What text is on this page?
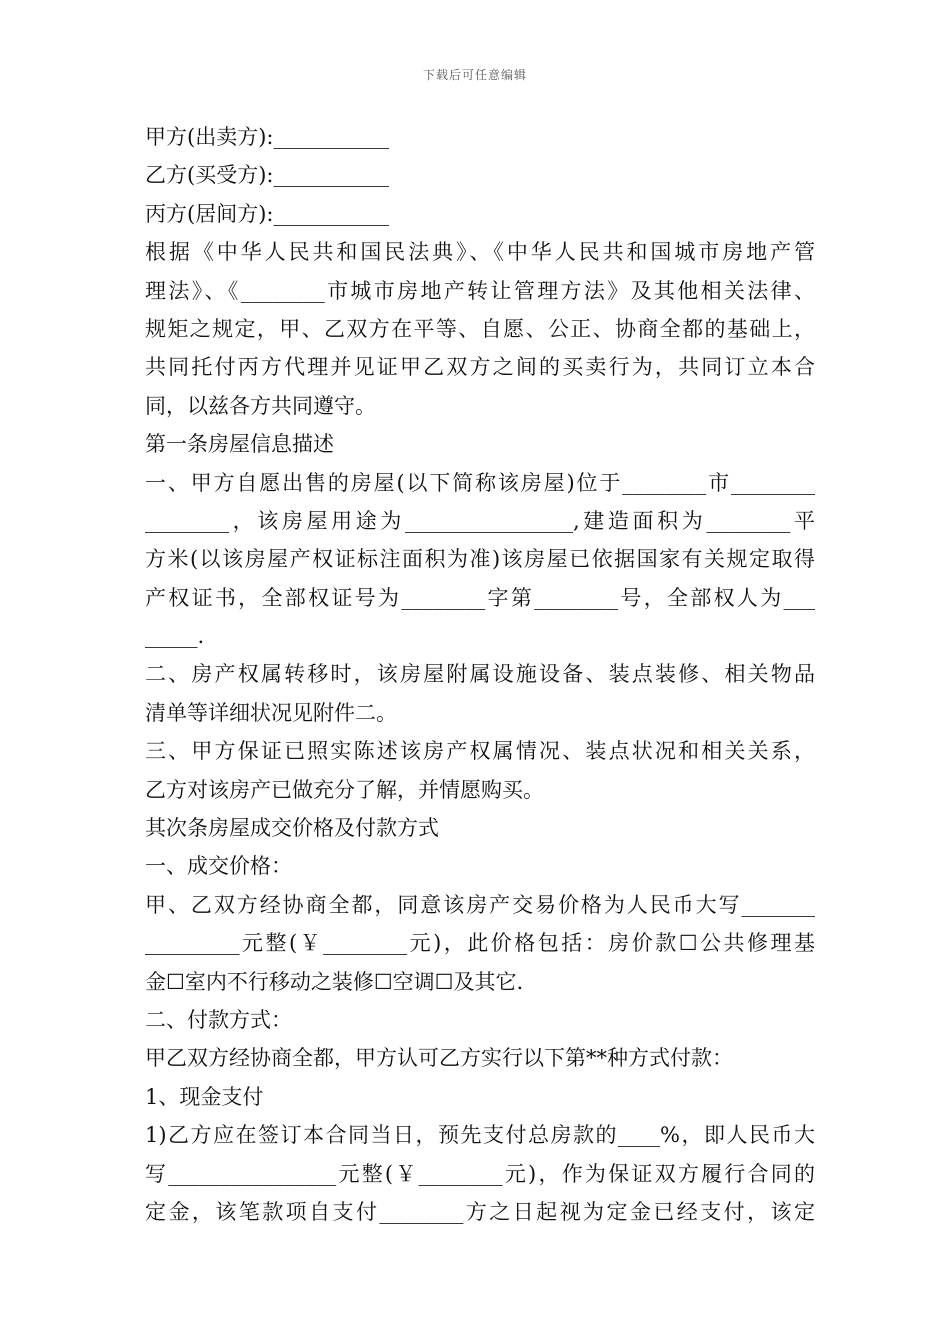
下载后可任意编辑
甲方(出卖方):___________
乙方(买受方):___________
丙方(居间方):___________
根据《中华人民共和国民法典》、《中华人民共和国城市房地产管
理法》、《________市城市房地产转让管理方法》及其他相关法律、
规矩之规定，甲、乙双方在平等、自愿、公正、协商全都的基础上，
共同托付丙方代理并见证甲乙双方之间的买卖行为，共同订立本合
同，以兹各方共同遵守。
第一条房屋信息描述
一、甲方自愿出售的房屋(以下简称该房屋)位于________市________
________，该房屋用途为________________,建造面积为________平
方米(以该房屋产权证标注面积为准)该房屋已依据国家有关规定取得
产权证书，全部权证号为________字第________号，全部权人为___
_____.
二、房产权属转移时，该房屋附属设施设备、装点装修、相关物品
清单等详细状况见附件二。
三、甲方保证已照实陈述该房产权属情况、装点状况和相关关系，
乙方对该房产已做充分了解，并情愿购买。
其次条房屋成交价格及付款方式
一、成交价格：
甲、乙双方经协商全都，同意该房产交易价格为人民币大写_______
_________元整(￥________元)，此价格包括：房价款☐公共修理基
金☐室内不行移动之装修☐空调☐及其它.
二、付款方式：
甲乙双方经协商全都，甲方认可乙方实行以下第**种方式付款：
1、现金支付
1)乙方应在签订本合同当日，预先支付总房款的____%，即人民币大
写________________元整(￥________元)，作为保证双方履行合同的
定金，该笔款项自支付________方之日起视为定金已经支付，该定
